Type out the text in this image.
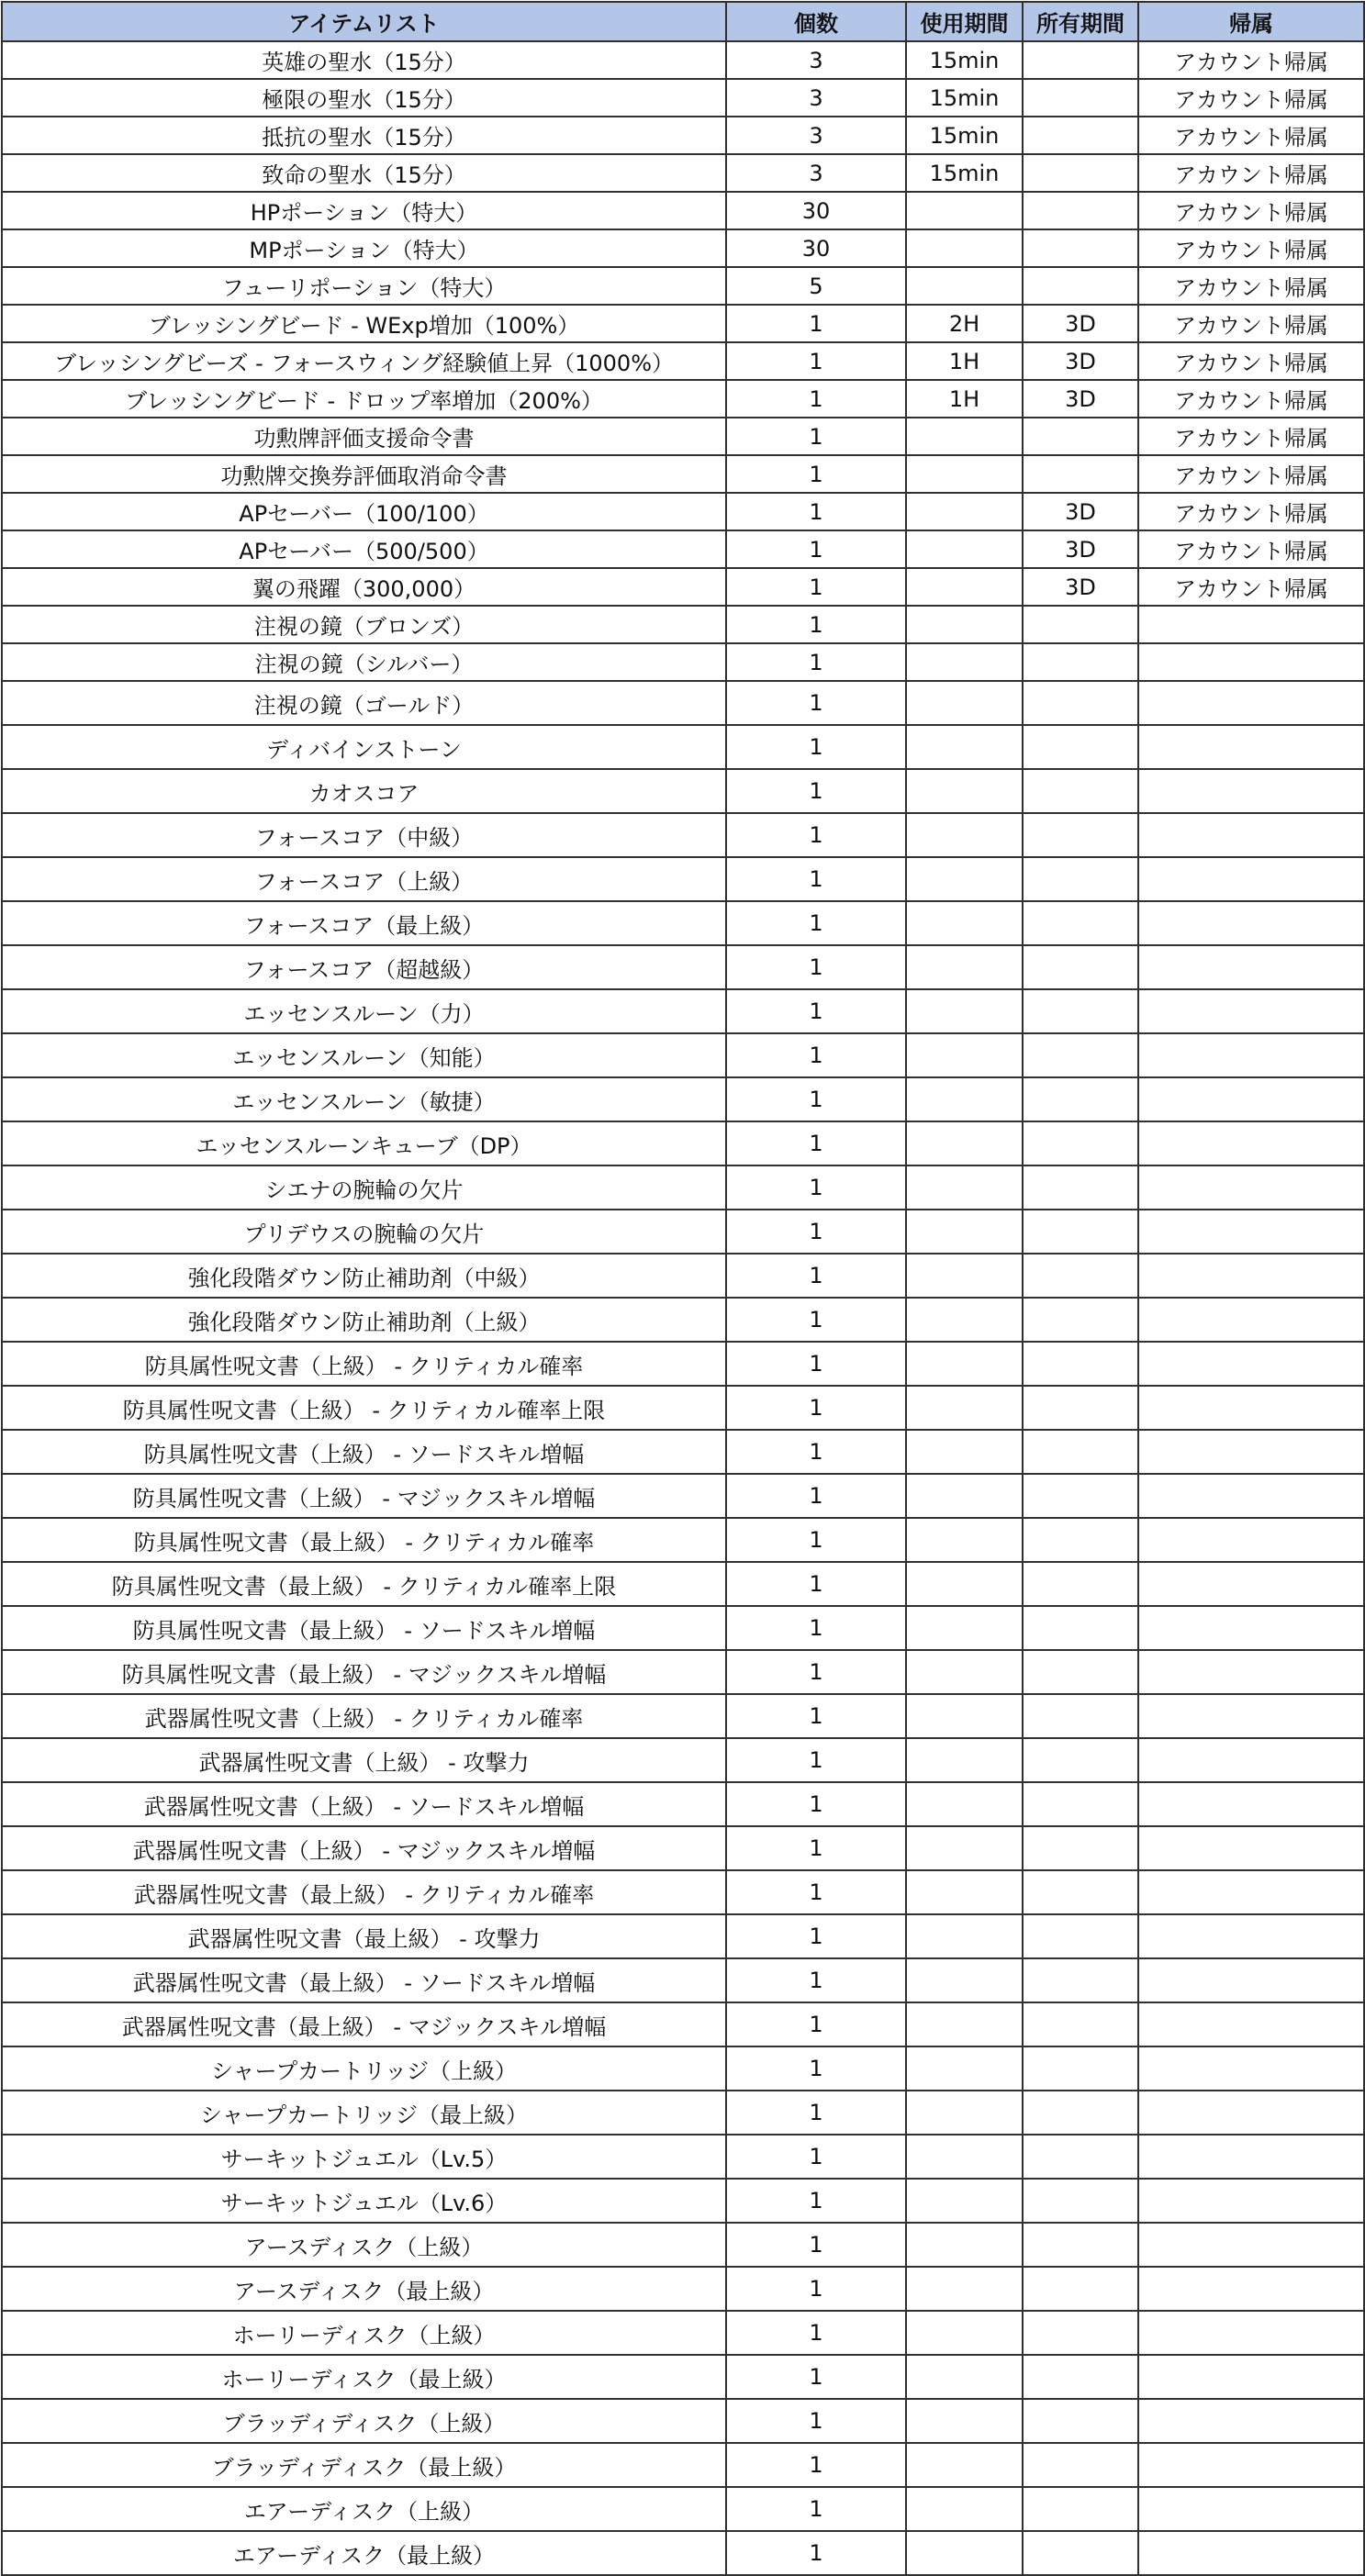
アイテムリスト	個数	使用期間	所有期間	帰属
英雄の聖水（15分）	3	15min		アカウント帰属
極限の聖水（15分）	3	15min		アカウント帰属
抵抗の聖水（15分）	3	15min		アカウント帰属
致命の聖水（15分）	3	15min		アカウント帰属
HPポーション（特大）	30			アカウント帰属
MPポーション（特大）	30			アカウント帰属
フューリポーション（特大）	5			アカウント帰属
ブレッシングビード - WExp増加（100%）	1	2H	3D	アカウント帰属
ブレッシングビーズ - フォースウィング経験値上昇（1000%）	1	1H	3D	アカウント帰属
ブレッシングビード - ドロップ率増加（200%）	1	1H	3D	アカウント帰属
功勲牌評価支援命令書	1			アカウント帰属
功勲牌交換券評価取消命令書	1			アカウント帰属
APセーバー（100/100）	1		3D	アカウント帰属
APセーバー（500/500）	1		3D	アカウント帰属
翼の飛躍（300,000）	1		3D	アカウント帰属
注視の鏡（ブロンズ）	1			
注視の鏡（シルバー）	1			
注視の鏡（ゴールド）	1			
ディバインストーン	1			
カオスコア	1			
フォースコア（中級）	1			
フォースコア（上級）	1			
フォースコア（最上級）	1			
フォースコア（超越級）	1			
エッセンスルーン（力）	1			
エッセンスルーン（知能）	1			
エッセンスルーン（敏捷）	1			
エッセンスルーンキューブ（DP）	1			
シエナの腕輪の欠片	1			
プリデウスの腕輪の欠片	1			
強化段階ダウン防止補助剤（中級）	1			
強化段階ダウン防止補助剤（上級）	1			
防具属性呪文書（上級） - クリティカル確率	1			
防具属性呪文書（上級） - クリティカル確率上限	1			
防具属性呪文書（上級） - ソードスキル増幅	1			
防具属性呪文書（上級） - マジックスキル増幅	1			
防具属性呪文書（最上級） - クリティカル確率	1			
防具属性呪文書（最上級） - クリティカル確率上限	1			
防具属性呪文書（最上級） - ソードスキル増幅	1			
防具属性呪文書（最上級） - マジックスキル増幅	1			
武器属性呪文書（上級） - クリティカル確率	1			
武器属性呪文書（上級） - 攻撃力	1			
武器属性呪文書（上級） - ソードスキル増幅	1			
武器属性呪文書（上級） - マジックスキル増幅	1			
武器属性呪文書（最上級） - クリティカル確率	1			
武器属性呪文書（最上級） - 攻撃力	1			
武器属性呪文書（最上級） - ソードスキル増幅	1			
武器属性呪文書（最上級） - マジックスキル増幅	1			
シャープカートリッジ（上級）	1			
シャープカートリッジ（最上級）	1			
サーキットジュエル（Lv.5）	1			
サーキットジュエル（Lv.6）	1			
アースディスク（上級）	1			
アースディスク（最上級）	1			
ホーリーディスク（上級）	1			
ホーリーディスク（最上級）	1			
ブラッディディスク（上級）	1			
ブラッディディスク（最上級）	1			
エアーディスク（上級）	1			
エアーディスク（最上級）	1			
